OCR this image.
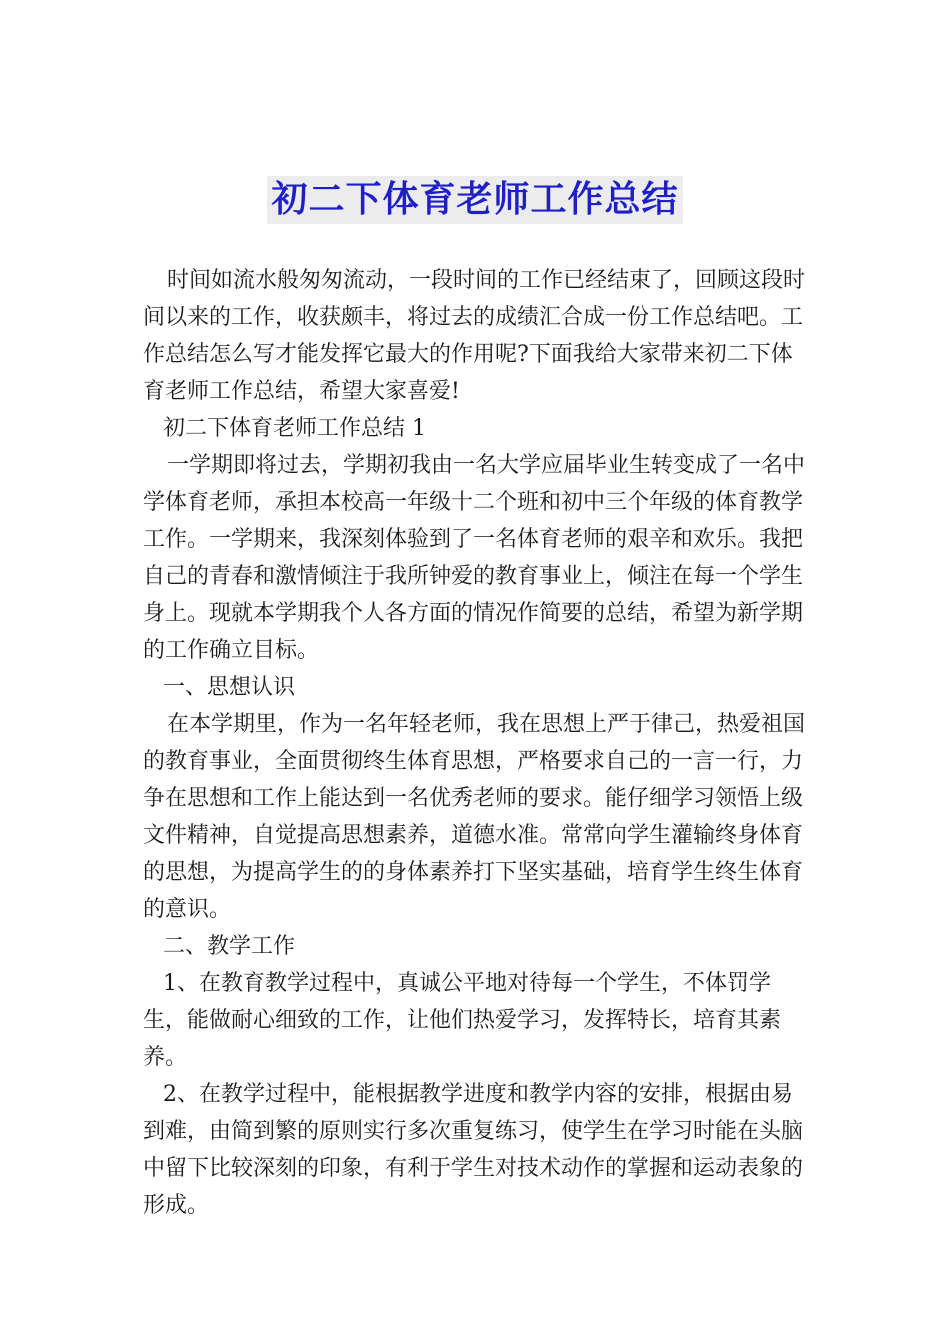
初二下体育老师工作总结

时间如流水般匆匆流动，一段时间的工作已经结束了，回顾这段时间以来的工作，收获颇丰，将过去的成绩汇合成一份工作总结吧。工作总结怎么写才能发挥它最大的作用呢?下面我给大家带来初二下体育老师工作总结，希望大家喜爱!

初二下体育老师工作总结 1

一学期即将过去，学期初我由一名大学应届毕业生转变成了一名中学体育老师，承担本校高一年级十二个班和初中三个年级的体育教学工作。一学期来，我深刻体验到了一名体育老师的艰辛和欢乐。我把自己的青春和激情倾注于我所钟爱的教育事业上，倾注在每一个学生身上。现就本学期我个人各方面的情况作简要的总结，希望为新学期的工作确立目标。

一、思想认识

在本学期里，作为一名年轻老师，我在思想上严于律己，热爱祖国的教育事业，全面贯彻终生体育思想，严格要求自己的一言一行，力争在思想和工作上能达到一名优秀老师的要求。能仔细学习领悟上级文件精神，自觉提高思想素养，道德水准。常常向学生灌输终身体育的思想，为提高学生的的身体素养打下坚实基础，培育学生终生体育的意识。

二、教学工作

1、在教育教学过程中，真诚公平地对待每一个学生，不体罚学生，能做耐心细致的工作，让他们热爱学习，发挥特长，培育其素养。

2、在教学过程中，能根据教学进度和教学内容的安排，根据由易到难，由简到繁的原则实行多次重复练习，使学生在学习时能在头脑中留下比较深刻的印象，有利于学生对技术动作的掌握和运动表象的形成。
